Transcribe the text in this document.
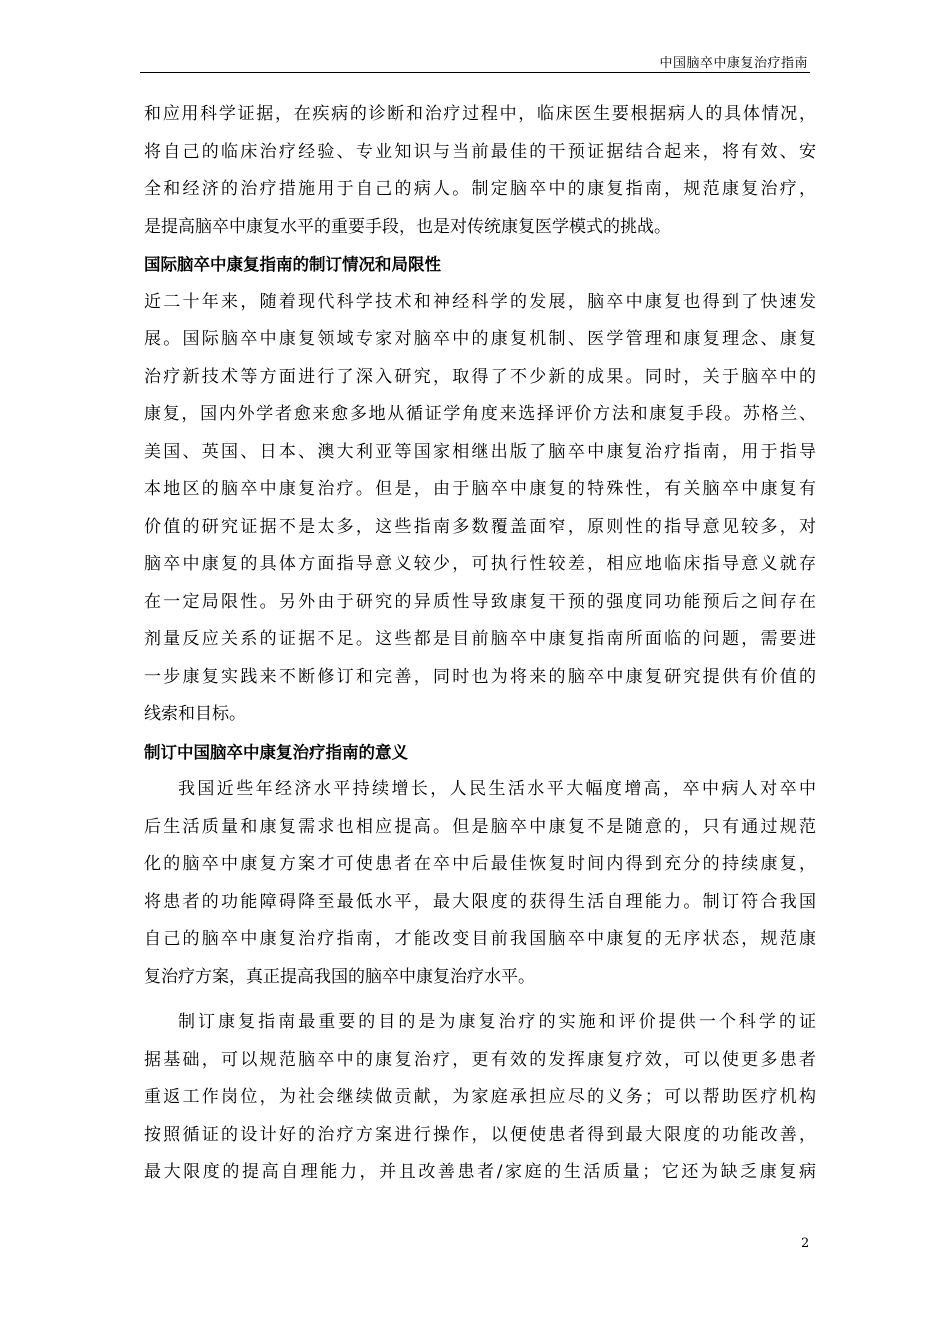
中国脑卒中康复治疗指南
和应用科学证据，在疾病的诊断和治疗过程中，临床医生要根据病人的具体情况，
将自己的临床治疗经验、专业知识与当前最佳的干预证据结合起来，将有效、安
全和经济的治疗措施用于自己的病人。制定脑卒中的康复指南，规范康复治疗，
是提高脑卒中康复水平的重要手段，也是对传统康复医学模式的挑战。
国际脑卒中康复指南的制订情况和局限性
近二十年来，随着现代科学技术和神经科学的发展，脑卒中康复也得到了快速发
展。国际脑卒中康复领域专家对脑卒中的康复机制、医学管理和康复理念、康复
治疗新技术等方面进行了深入研究，取得了不少新的成果。同时，关于脑卒中的
康复，国内外学者愈来愈多地从循证学角度来选择评价方法和康复手段。苏格兰、
美国、英国、日本、澳大利亚等国家相继出版了脑卒中康复治疗指南，用于指导
本地区的脑卒中康复治疗。但是，由于脑卒中康复的特殊性，有关脑卒中康复有
价值的研究证据不是太多，这些指南多数覆盖面窄，原则性的指导意见较多，对
脑卒中康复的具体方面指导意义较少，可执行性较差，相应地临床指导意义就存
在一定局限性。另外由于研究的异质性导致康复干预的强度同功能预后之间存在
剂量反应关系的证据不足。这些都是目前脑卒中康复指南所面临的问题，需要进
一步康复实践来不断修订和完善，同时也为将来的脑卒中康复研究提供有价值的
线索和目标。
制订中国脑卒中康复治疗指南的意义
我国近些年经济水平持续增长，人民生活水平大幅度增高，卒中病人对卒中
后生活质量和康复需求也相应提高。但是脑卒中康复不是随意的，只有通过规范
化的脑卒中康复方案才可使患者在卒中后最佳恢复时间内得到充分的持续康复，
将患者的功能障碍降至最低水平，最大限度的获得生活自理能力。制订符合我国
自己的脑卒中康复治疗指南，才能改变目前我国脑卒中康复的无序状态，规范康
复治疗方案，真正提高我国的脑卒中康复治疗水平。
制订康复指南最重要的目的是为康复治疗的实施和评价提供一个科学的证
据基础，可以规范脑卒中的康复治疗，更有效的发挥康复疗效，可以使更多患者
重返工作岗位，为社会继续做贡献，为家庭承担应尽的义务；可以帮助医疗机构
按照循证的设计好的治疗方案进行操作，以便使患者得到最大限度的功能改善，
最大限度的提高自理能力，并且改善患者/家庭的生活质量；它还为缺乏康复病
2
